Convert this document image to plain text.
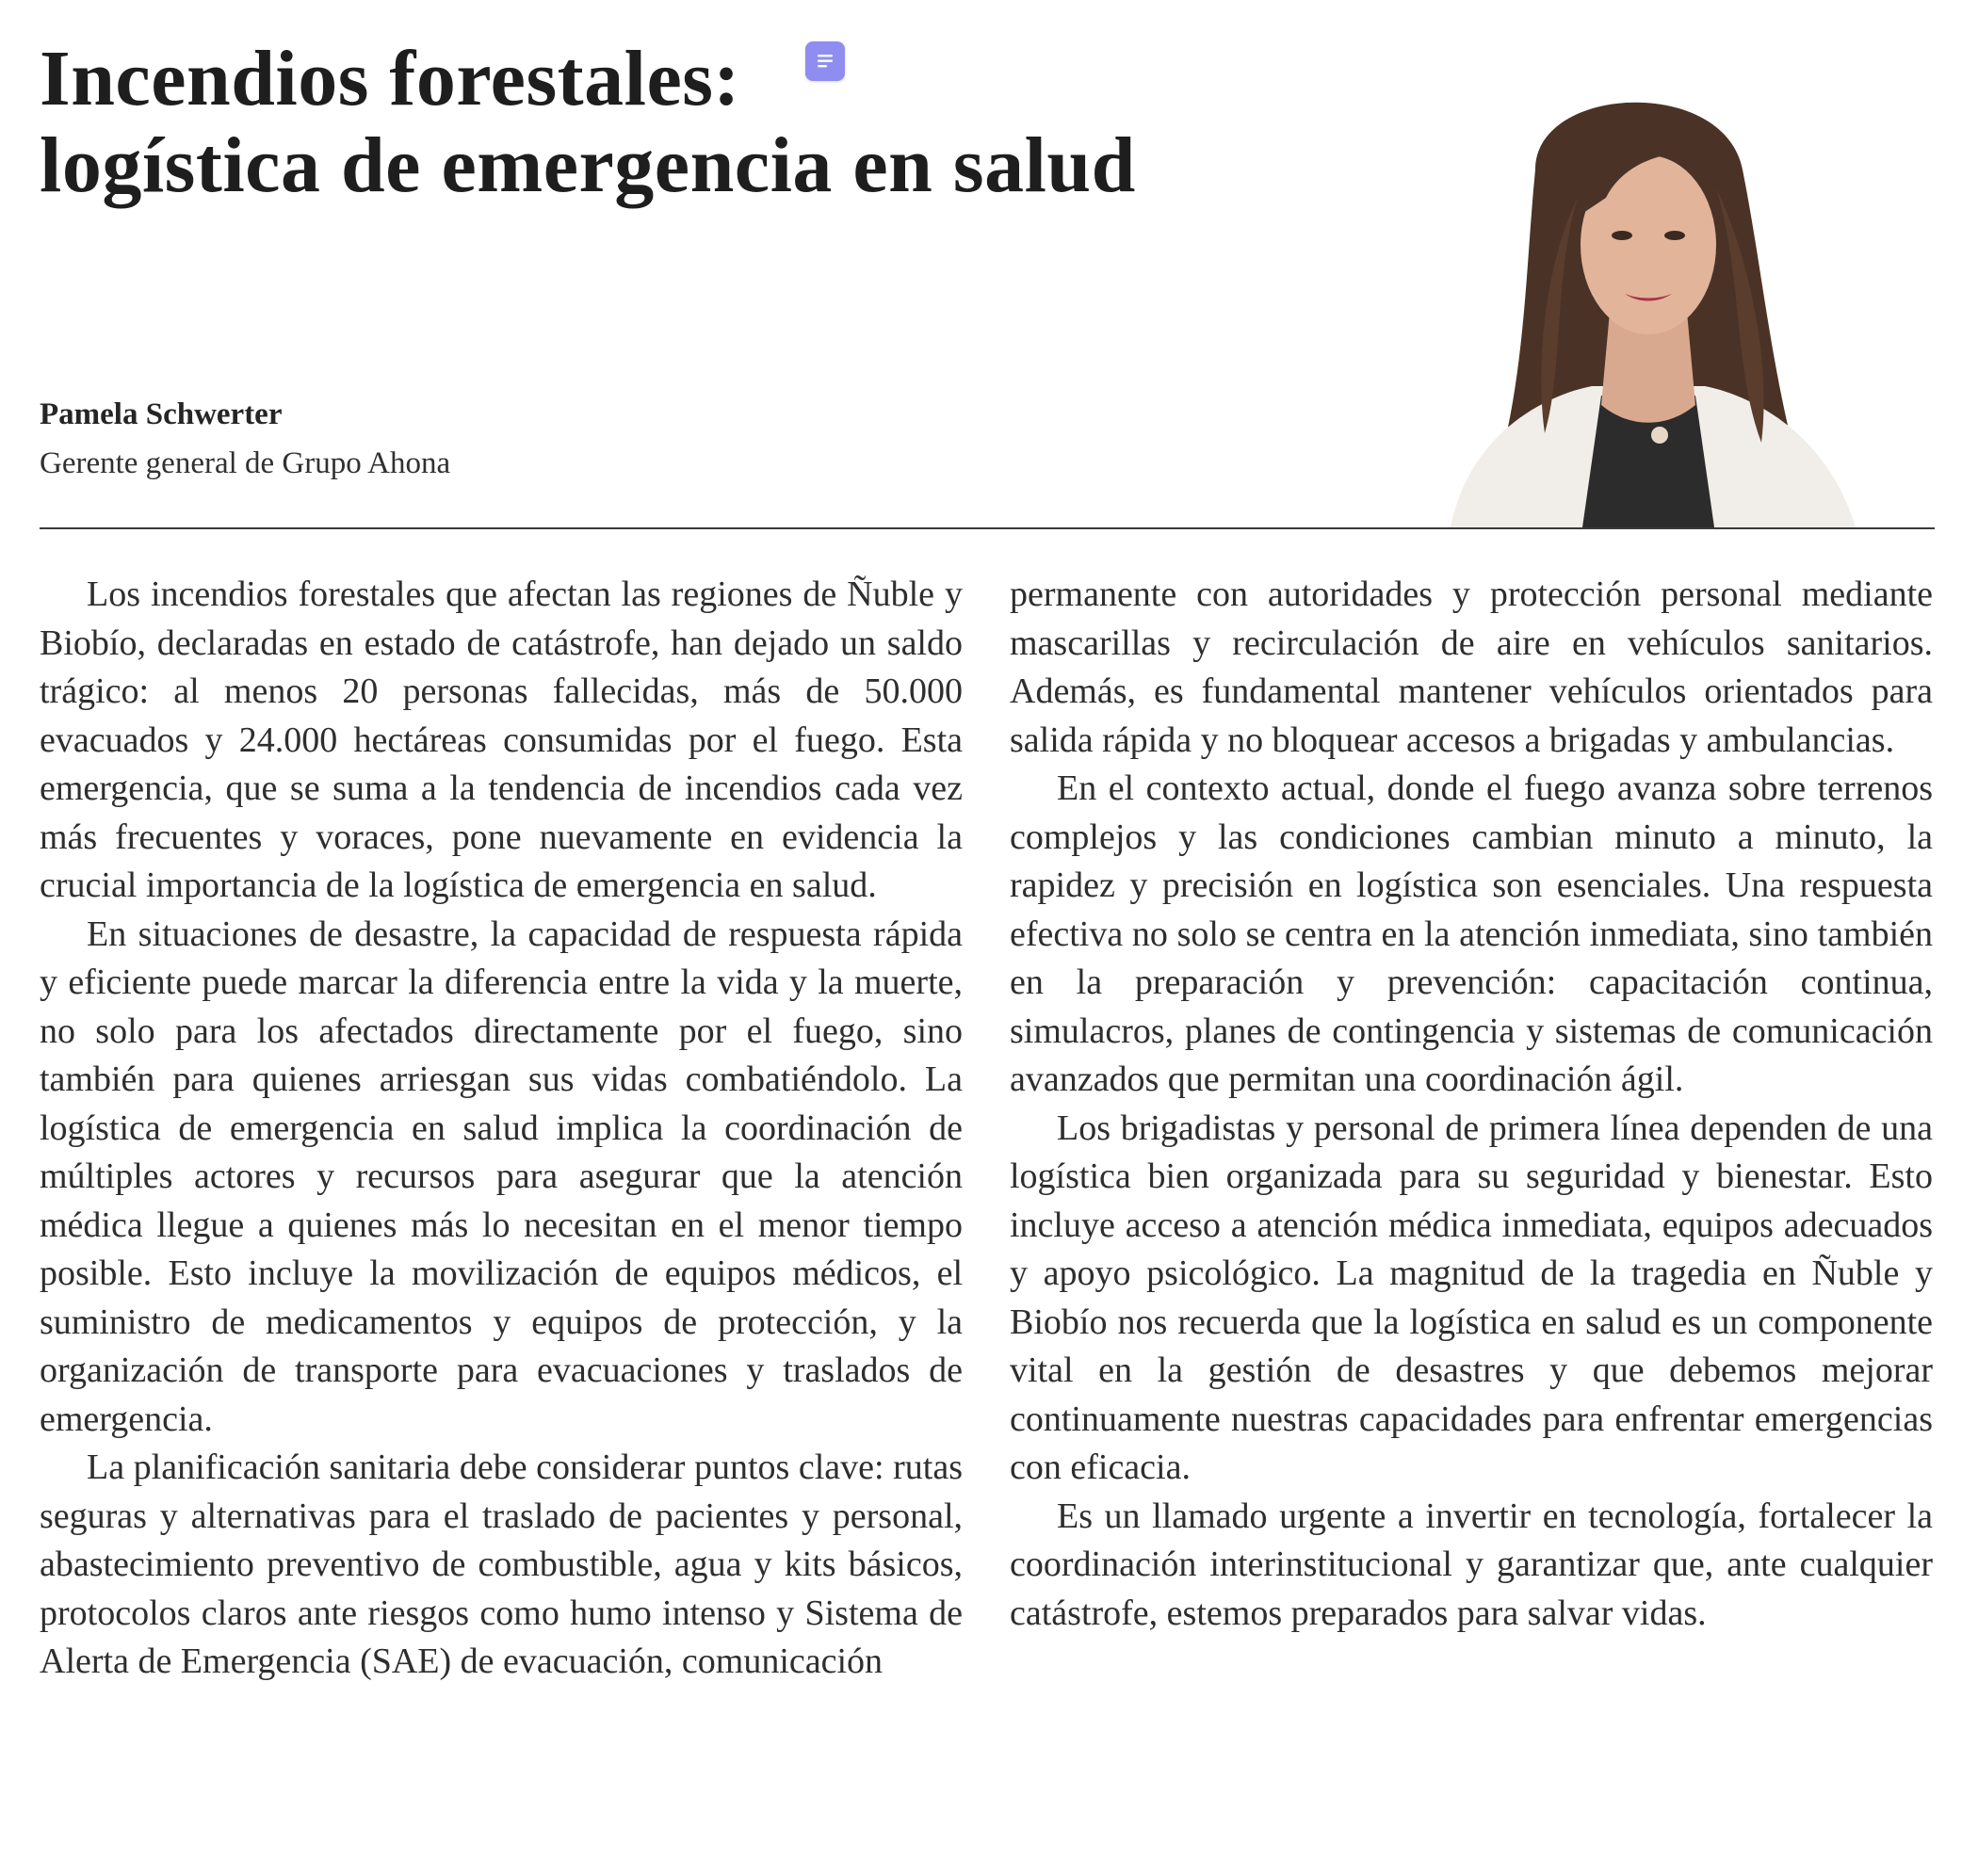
Incendios forestales:
logística de emergencia en salud

Pamela Schwerter

Gerente general de Grupo Ahona

Los incendios forestales que afectan las regiones de Ñuble y Biobío, declaradas en estado de catástrofe, han dejado un saldo trágico: al menos 20 personas fallecidas, más de 50.000 evacuados y 24.000 hectáreas consumidas por el fuego. Esta emergencia, que se suma a la tendencia de incendios cada vez más frecuentes y voraces, pone nuevamente en evidencia la crucial importancia de la logística de emergencia en salud.

En situaciones de desastre, la capacidad de respuesta rápida y eficiente puede marcar la diferencia entre la vida y la muerte, no solo para los afectados directamente por el fuego, sino también para quienes arriesgan sus vidas combatiéndolo. La logística de emergencia en salud implica la coordinación de múltiples actores y recursos para asegurar que la atención médica llegue a quienes más lo necesitan en el menor tiempo posible. Esto incluye la movilización de equipos médicos, el suministro de medicamentos y equipos de protección, y la organización de transporte para evacuaciones y traslados de emergencia.

La planificación sanitaria debe considerar puntos clave: rutas seguras y alternativas para el traslado de pacientes y personal, abastecimiento preventivo de combustible, agua y kits básicos, protocolos claros ante riesgos como humo intenso y Sistema de Alerta de Emergencia (SAE) de evacuación, comunicación

permanente con autoridades y protección personal mediante mascarillas y recirculación de aire en vehículos sanitarios. Además, es fundamental mantener vehículos orientados para salida rápida y no bloquear accesos a brigadas y ambulancias.

En el contexto actual, donde el fuego avanza sobre terrenos complejos y las condiciones cambian minuto a minuto, la rapidez y precisión en logística son esenciales. Una respuesta efectiva no solo se centra en la atención inmediata, sino también en la preparación y prevención: capacitación continua, simulacros, planes de contingencia y sistemas de comunicación avanzados que permitan una coordinación ágil.

Los brigadistas y personal de primera línea dependen de una logística bien organizada para su seguridad y bienestar. Esto incluye acceso a atención médica inmediata, equipos adecuados y apoyo psicológico. La magnitud de la tragedia en Ñuble y Biobío nos recuerda que la logística en salud es un componente vital en la gestión de desastres y que debemos mejorar continuamente nuestras capacidades para enfrentar emergencias con eficacia.

Es un llamado urgente a invertir en tecnología, fortalecer la coordinación interinstitucional y garantizar que, ante cualquier catástrofe, estemos preparados para salvar vidas.
